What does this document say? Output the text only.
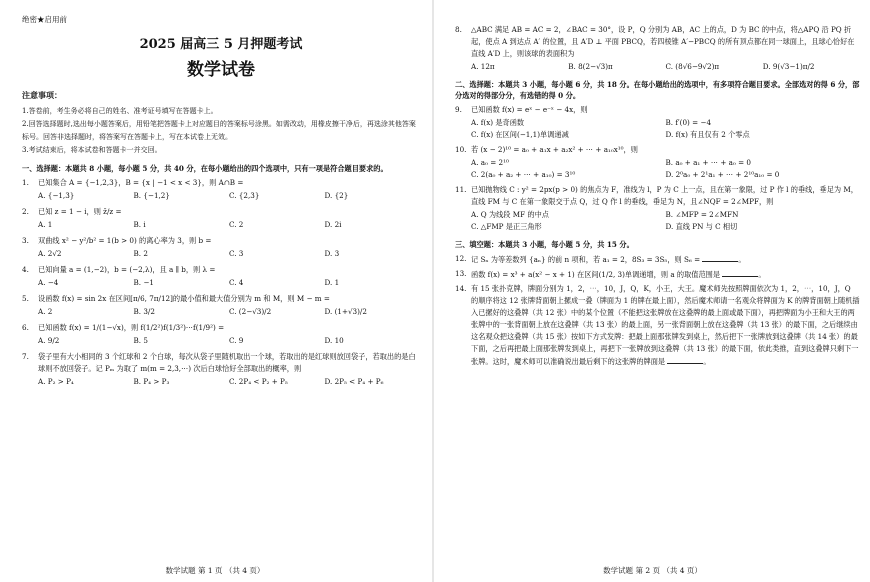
绝密★启用前
2025 届高三 5 月押题考试
数学试卷
注意事项：

1.答卷前，考生务必将自己的姓名、准考证号填写在答题卡上。

2.回答选择题时,选出每小题答案后，用铅笔把答题卡上对应题目的答案标号涂黑。如需改动，用橡皮擦干净后，再选涂其他答案标号。回答非选择题时，将答案写在答题卡上，写在本试卷上无效。

3.考试结束后，将本试卷和答题卡一并交回。

一、选择题：本题共 8 小题，每小题 5 分，共 40 分，在每小题给出的四个选项中，只有一项是符合题目要求的。
1.	已知集合 A = {−1,2,3}，B = {x | −1 < x < 3}，则 A∩B =
A. {−1,3}	B. {−1,2}	C. {2,3}	D. {2}
2.	已知 z = 1 − i，则 z̄/z =
A. 1	B. i	C. 2	D. 2i
3.	双曲线 x² − y²/b² = 1(b > 0) 的离心率为 3，则 b =
A. 2√2	B. 2	C. 3	D. 3
4.	已知向量 a = (1,−2)，b = (−2,λ)，且 a ∥ b，则 λ =
A. −4	B. −1	C. 4	D. 1
5.	设函数 f(x) = sin 2x 在区间[π/6, 7π/12]的最小值和最大值分别为 m 和 M，则 M − m =
A. 2	B. 3/2	C. (2−√3)/2	D. (1+√3)/2
6.	已知函数 f(x) = 1/(1−√x)，则 f(1/2²)f(1/3²)⋯f(1/9²) =
A. 9/2	B. 5	C. 9	D. 10
7.	袋子里有大小相同的 3 个红球和 2 个白球，每次从袋子里随机取出一个球，若取出的是红球则放回袋子，若取出的是白球则不放回袋子。记 Pₘ 为取了 m(m = 2,3,⋯) 次后白球恰好全部取出的概率，则
A. P₂ > P₄	B. P₄ > P₃	C. 2P₄ < P₂ + P₅	D. 2P₅ < P₄ + P₆
数学试题 第 1 页 （共 4 页）
8.	△ABC 满足 AB = AC = 2，∠BAC = 30°，设 P，Q 分别为 AB，AC 上的点，D 为 BC 的中点，将△APQ 沿 PQ 折起，使点 A 到达点 A′ 的位置，且 A′D ⊥ 平面 PBCQ，若四棱锥 A′−PBCQ 的所有顶点都在同一球面上，且球心恰好在直线 A′D 上，则该球的表面积为
A. 12π	B. 8(2−√3)π	C. (8√6−9√2)π	D. 9(√3−1)π/2
二、选择题：本题共 3 小题，每小题 6 分，共 18 分。在每小题给出的选项中，有多项符合题目要求。全部选对的得 6 分，部分选对的得部分分，有选错的得 0 分。
9.	已知函数 f(x) = eˣ − e⁻ˣ − 4x，则
A. f(x) 是奇函数	B. f′(0) = −4
C. f(x) 在区间(−1,1)单调递减	D. f(x) 有且仅有 2 个零点
10. 若 (x − 2)¹⁰ = a₀ + a₁x + a₂x² + ⋯ + a₁₀x¹⁰，则
A. a₀ = 2¹⁰	B. a₀ + a₁ + ⋯ + a₀ = 0
C. 2(a₀ + a₂ + ⋯ + a₁₀) = 3¹⁰	D. 2⁰a₀ + 2¹a₁ + ⋯ + 2¹⁰a₁₀ = 0
11. 已知抛物线 C : y² = 2px(p > 0) 的焦点为 F，准线为 l，P 为 C 上一点，且在第一象限，过 P 作 l 的垂线，垂足为 M，直线 FM 与 C 在第一象限交于点 Q，过 Q 作 l 的垂线，垂足为 N，且∠NQF = 2∠MPF，则
A. Q 为线段 MF 的中点	B. ∠MFP = 2∠MFN
C. △FMP 是正三角形	D. 直线 PN 与 C 相切
三、填空题：本题共 3 小题，每小题 5 分，共 15 分。
12. 记 Sₙ 为等差数列 {aₙ} 的前 n 项和，若 a₁ = 2，8S₃ = 3S₅，则 S₆ =	。
13. 函数 f(x) = x³ + a(x² − x + 1) 在区间(1/2, 3)单调递增，则 a 的取值范围是	。
14. 有 15 张扑克牌，牌面分别为 1，2，⋯，10，J，Q，K，小王，大王。魔术师先按照牌面依次为 1，2，⋯，10，J，Q 的顺序将这 12 张牌背面朝上摞成一叠（牌面为 1 的牌在最上面），然后魔术师请一名观众将牌面为 K 的牌背面朝上随机插入已摞好的这叠牌（共 12 张）中的某个位置（不能把这张牌放在这叠牌的最上面或最下面），再把牌面为小王和大王的两张牌中的一张背面朝上放在这叠牌（共 13 张）的最上面，另一张背面朝上放在这叠牌（共 13 张）的最下面，之后继续由这名观众把这叠牌（共 15 张）按如下方式发牌：把最上面那张牌发到桌上，然后把下一张牌放到这叠牌（共 14 张）的最下面，之后再把最上面那张牌发到桌上，再把下一张牌放到这叠牌（共 13 张）的最下面，依此类推，直到这叠牌只剩下一张牌。这时，魔术师可以准确说出最后剩下的这张牌的牌面是	。
数学试题 第 2 页 （共 4 页）
